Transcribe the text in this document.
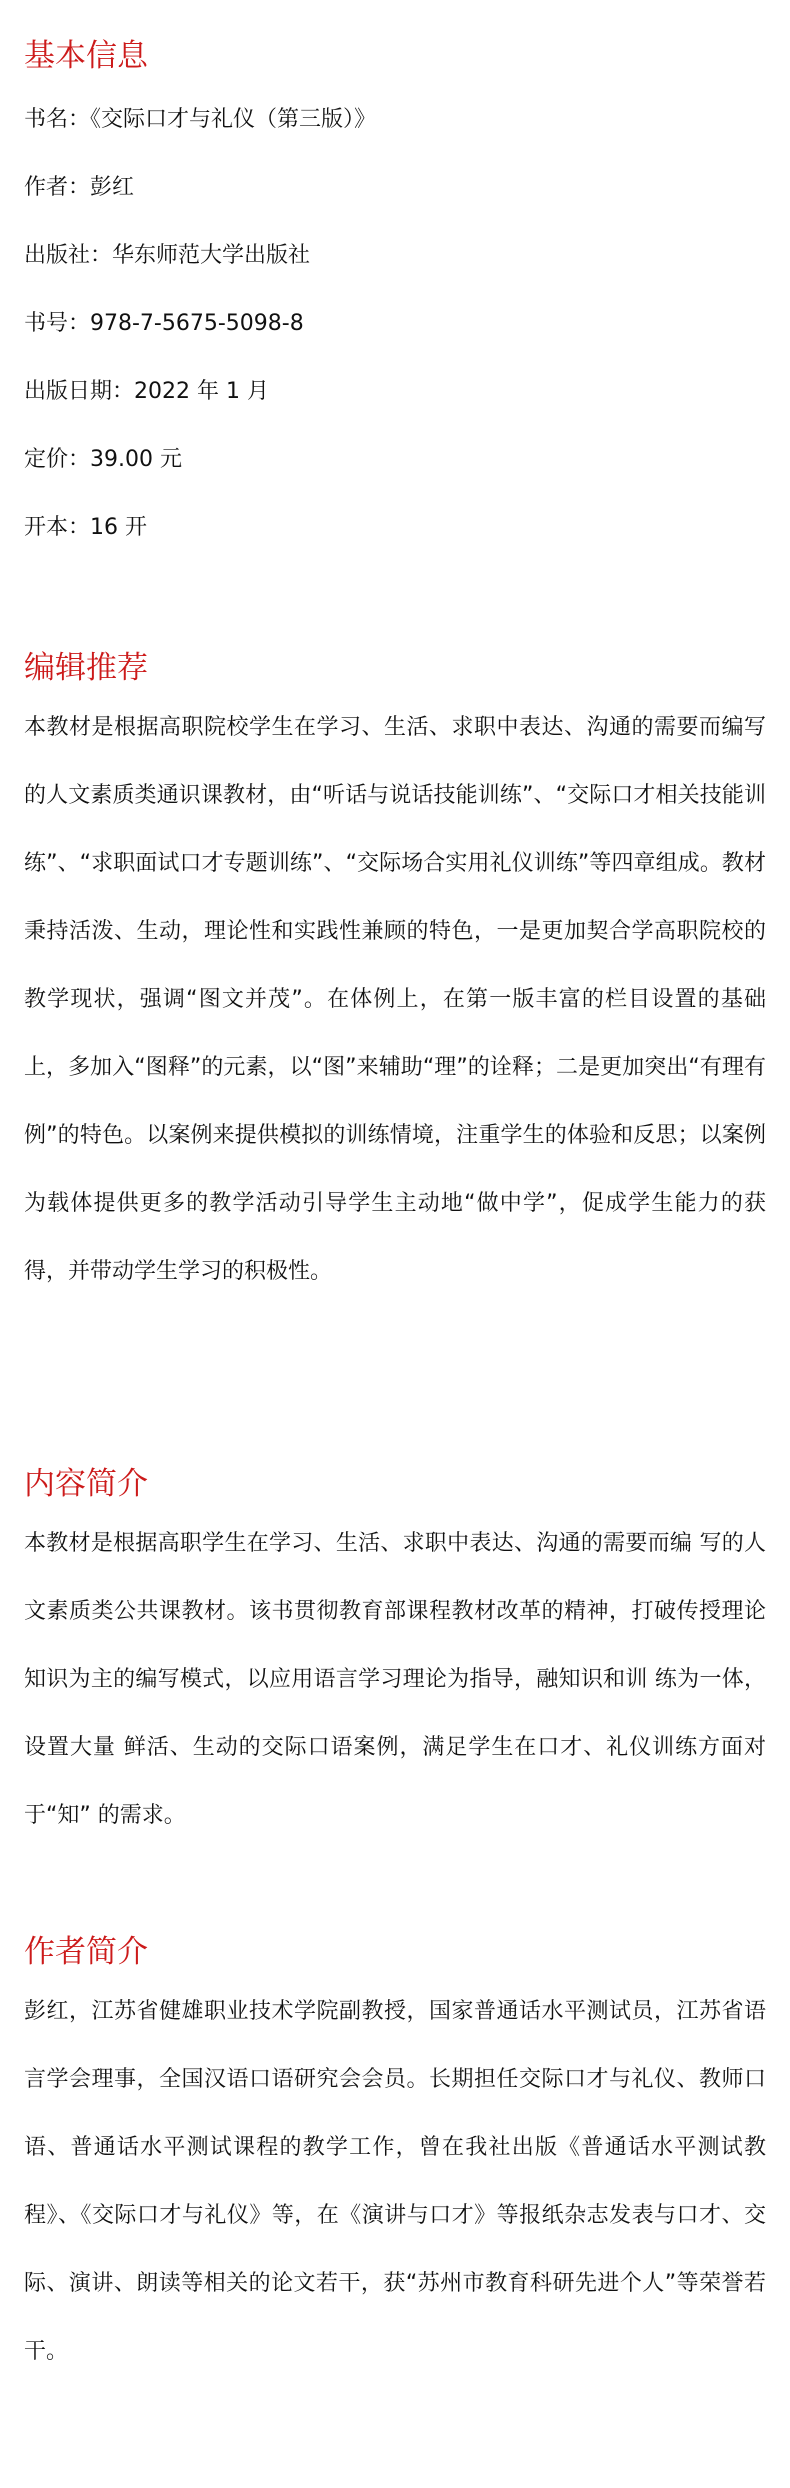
基本信息

书名：《交际口才与礼仪（第三版）》

作者：彭红

出版社：华东师范大学出版社

书号：978-7-5675-5098-8

出版日期：2022 年 1 月

定价：39.00 元

开本：16 开

编辑推荐

本教材是根据高职院校学生在学习、生活、求职中表达、沟通的需要而编写的人文素质类通识课教材，由“听话与说话技能训练”、“交际口才相关技能训练”、“求职面试口才专题训练”、“交际场合实用礼仪训练”等四章组成。教材秉持活泼、生动，理论性和实践性兼顾的特色，一是更加契合学高职院校的教学现状，强调“图文并茂”。在体例上，在第一版丰富的栏目设置的基础上，多加入“图释”的元素，以“图”来辅助“理”的诠释；二是更加突出“有理有例”的特色。以案例来提供模拟的训练情境，注重学生的体验和反思；以案例为载体提供更多的教学活动引导学生主动地“做中学”，促成学生能力的获得，并带动学生学习的积极性。

内容简介

本教材是根据高职学生在学习、生活、求职中表达、沟通的需要而编 写的人文素质类公共课教材。该书贯彻教育部课程教材改革的精神，打破传授理论知识为主的编写模式，以应用语言学习理论为指导，融知识和训 练为一体，设置大量 鲜活、生动的交际口语案例，满足学生在口才、礼仪训练方面对于“知” 的需求。

作者简介

彭红，江苏省健雄职业技术学院副教授，国家普通话水平测试员，江苏省语言学会理事，全国汉语口语研究会会员。长期担任交际口才与礼仪、教师口语、普通话水平测试课程的教学工作，曾在我社出版《普通话水平测试教程》、《交际口才与礼仪》等，在《演讲与口才》等报纸杂志发表与口才、交际、演讲、朗读等相关的论文若干，获“苏州市教育科研先进个人”等荣誉若干。
